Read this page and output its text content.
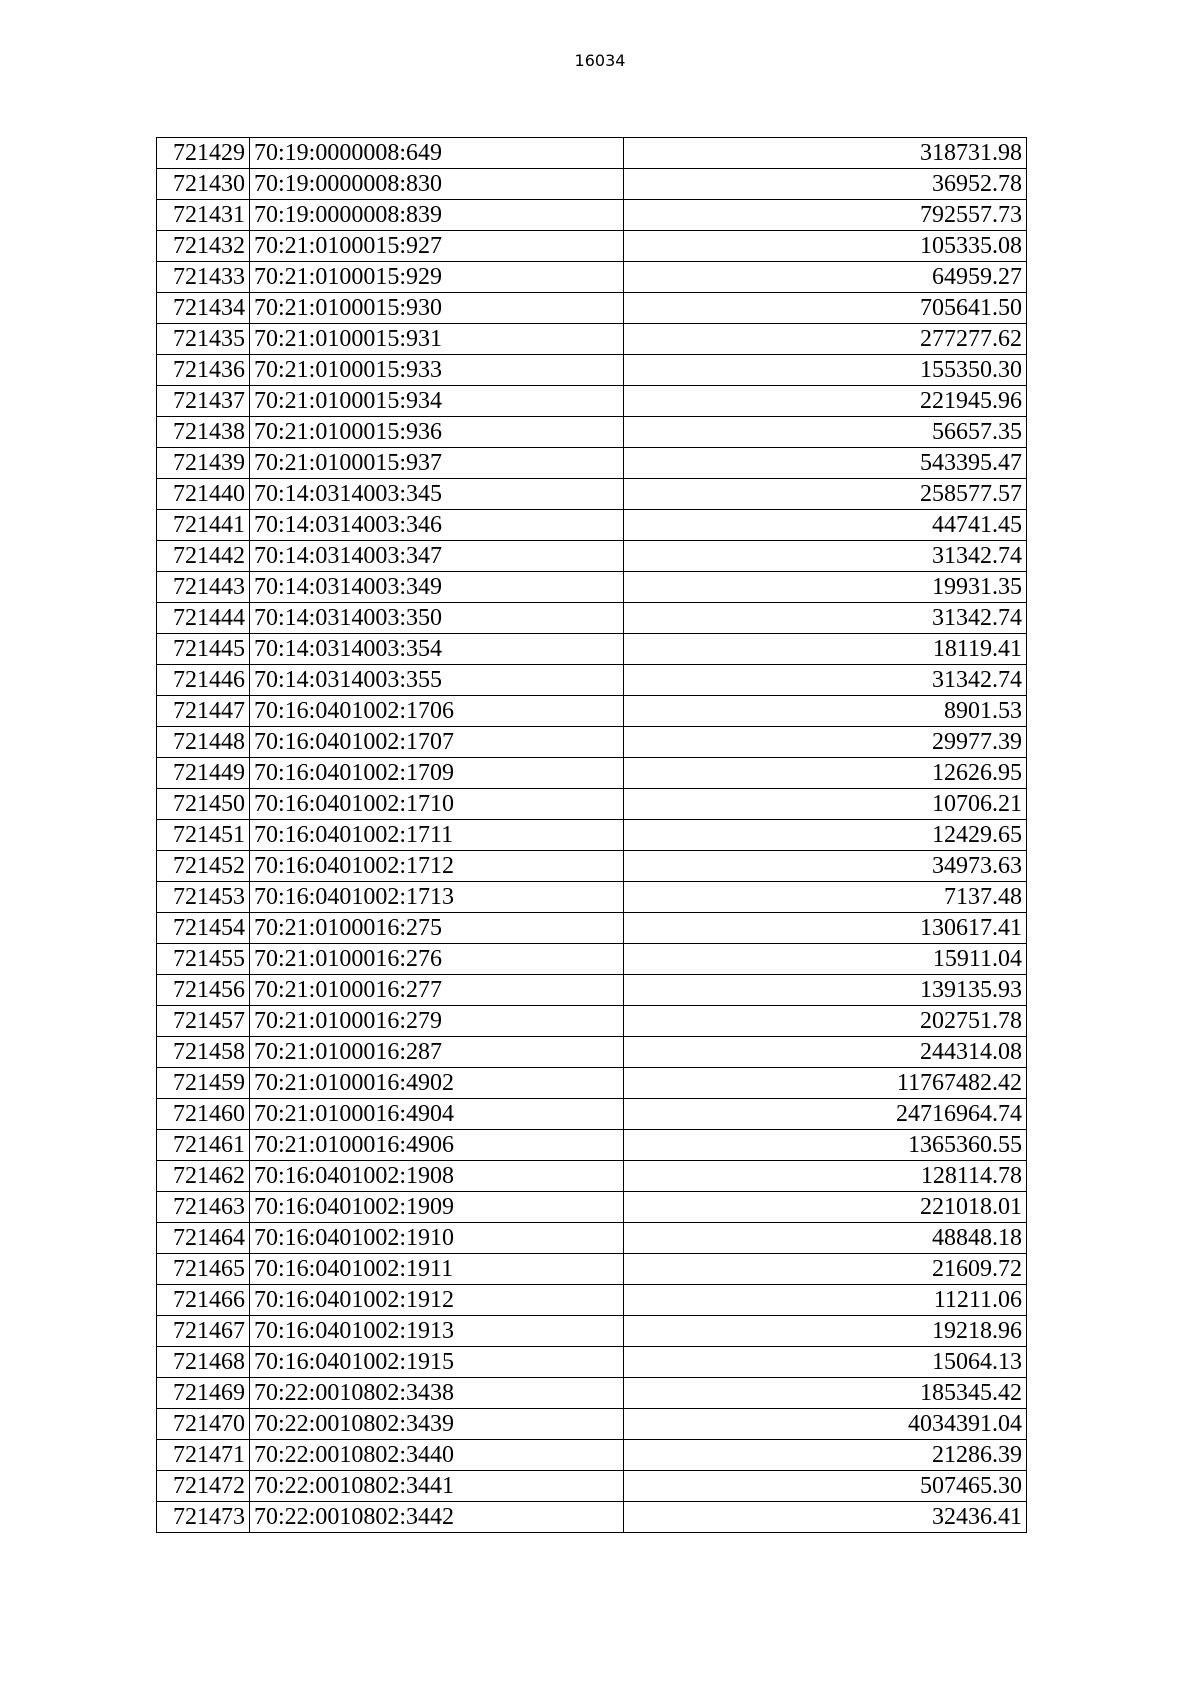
16034
721429	70:19:0000008:649	318731.98
721430	70:19:0000008:830	36952.78
721431	70:19:0000008:839	792557.73
721432	70:21:0100015:927	105335.08
721433	70:21:0100015:929	64959.27
721434	70:21:0100015:930	705641.50
721435	70:21:0100015:931	277277.62
721436	70:21:0100015:933	155350.30
721437	70:21:0100015:934	221945.96
721438	70:21:0100015:936	56657.35
721439	70:21:0100015:937	543395.47
721440	70:14:0314003:345	258577.57
721441	70:14:0314003:346	44741.45
721442	70:14:0314003:347	31342.74
721443	70:14:0314003:349	19931.35
721444	70:14:0314003:350	31342.74
721445	70:14:0314003:354	18119.41
721446	70:14:0314003:355	31342.74
721447	70:16:0401002:1706	8901.53
721448	70:16:0401002:1707	29977.39
721449	70:16:0401002:1709	12626.95
721450	70:16:0401002:1710	10706.21
721451	70:16:0401002:1711	12429.65
721452	70:16:0401002:1712	34973.63
721453	70:16:0401002:1713	7137.48
721454	70:21:0100016:275	130617.41
721455	70:21:0100016:276	15911.04
721456	70:21:0100016:277	139135.93
721457	70:21:0100016:279	202751.78
721458	70:21:0100016:287	244314.08
721459	70:21:0100016:4902	11767482.42
721460	70:21:0100016:4904	24716964.74
721461	70:21:0100016:4906	1365360.55
721462	70:16:0401002:1908	128114.78
721463	70:16:0401002:1909	221018.01
721464	70:16:0401002:1910	48848.18
721465	70:16:0401002:1911	21609.72
721466	70:16:0401002:1912	11211.06
721467	70:16:0401002:1913	19218.96
721468	70:16:0401002:1915	15064.13
721469	70:22:0010802:3438	185345.42
721470	70:22:0010802:3439	4034391.04
721471	70:22:0010802:3440	21286.39
721472	70:22:0010802:3441	507465.30
721473	70:22:0010802:3442	32436.41
